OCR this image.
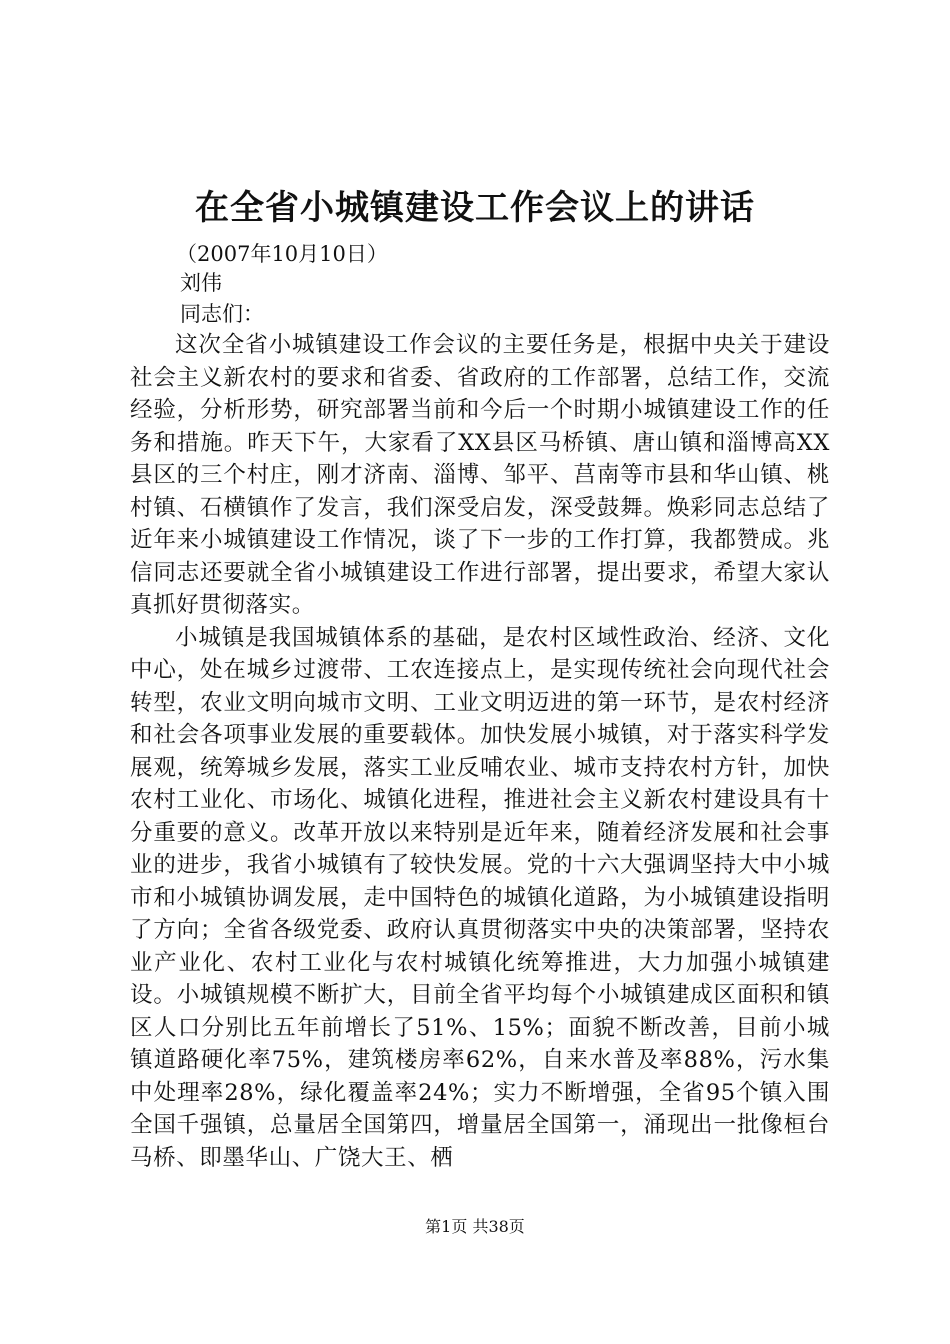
在全省小城镇建设工作会议上的讲话

（2007年10月10日）

刘伟

同志们：

这次全省小城镇建设工作会议的主要任务是，根据中央关于建设社会主义新农村的要求和省委、省政府的工作部署，总结工作，交流经验，分析形势，研究部署当前和今后一个时期小城镇建设工作的任务和措施。昨天下午，大家看了XX县区马桥镇、唐山镇和淄博高XX县区的三个村庄，刚才济南、淄博、邹平、莒南等市县和华山镇、桃村镇、石横镇作了发言，我们深受启发，深受鼓舞。焕彩同志总结了近年来小城镇建设工作情况，谈了下一步的工作打算，我都赞成。兆信同志还要就全省小城镇建设工作进行部署，提出要求，希望大家认真抓好贯彻落实。

小城镇是我国城镇体系的基础，是农村区域性政治、经济、文化中心，处在城乡过渡带、工农连接点上，是实现传统社会向现代社会转型，农业文明向城市文明、工业文明迈进的第一环节，是农村经济和社会各项事业发展的重要载体。加快发展小城镇，对于落实科学发展观，统筹城乡发展，落实工业反哺农业、城市支持农村方针，加快农村工业化、市场化、城镇化进程，推进社会主义新农村建设具有十分重要的意义。改革开放以来特别是近年来，随着经济发展和社会事业的进步，我省小城镇有了较快发展。党的十六大强调坚持大中小城市和小城镇协调发展，走中国特色的城镇化道路，为小城镇建设指明了方向；全省各级党委、政府认真贯彻落实中央的决策部署，坚持农业产业化、农村工业化与农村城镇化统筹推进，大力加强小城镇建设。小城镇规模不断扩大，目前全省平均每个小城镇建成区面积和镇区人口分别比五年前增长了51%、15%；面貌不断改善，目前小城镇道路硬化率75%，建筑楼房率62%，自来水普及率88%，污水集中处理率28%，绿化覆盖率24%；实力不断增强，全省95个镇入围全国千强镇，总量居全国第四，增量居全国第一，涌现出一批像桓台马桥、即墨华山、广饶大王、栖

第1页 共38页
